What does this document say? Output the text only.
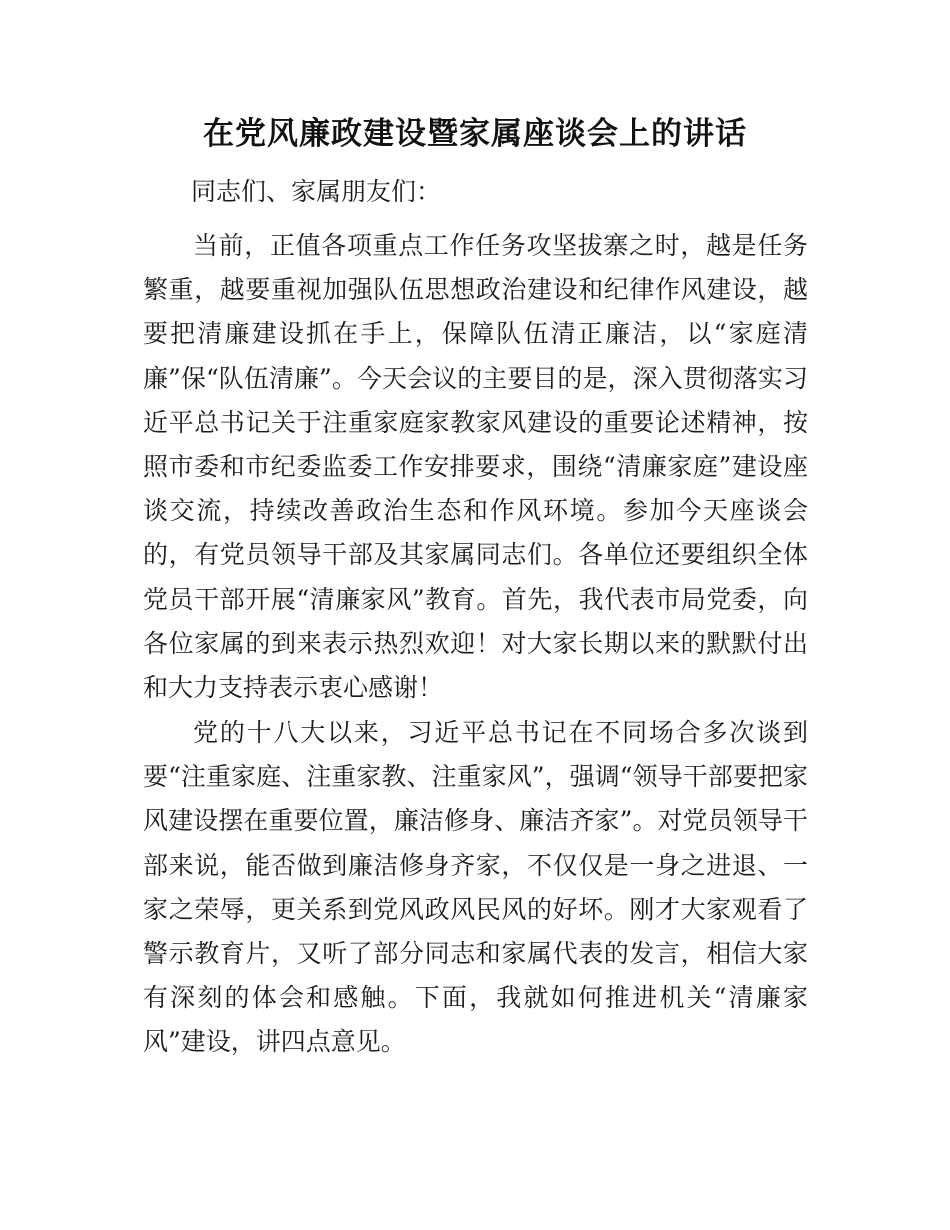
在党风廉政建设暨家属座谈会上的讲话

同志们、家属朋友们：

当前，正值各项重点工作任务攻坚拔寨之时，越是任务繁重，越要重视加强队伍思想政治建设和纪律作风建设，越要把清廉建设抓在手上，保障队伍清正廉洁，以“家庭清廉”保“队伍清廉”。今天会议的主要目的是，深入贯彻落实习近平总书记关于注重家庭家教家风建设的重要论述精神，按照市委和市纪委监委工作安排要求，围绕“清廉家庭”建设座谈交流，持续改善政治生态和作风环境。参加今天座谈会的，有党员领导干部及其家属同志们。各单位还要组织全体党员干部开展“清廉家风”教育。首先，我代表市局党委，向各位家属的到来表示热烈欢迎！对大家长期以来的默默付出和大力支持表示衷心感谢！

党的十八大以来，习近平总书记在不同场合多次谈到要“注重家庭、注重家教、注重家风”，强调“领导干部要把家风建设摆在重要位置，廉洁修身、廉洁齐家”。对党员领导干部来说，能否做到廉洁修身齐家，不仅仅是一身之进退、一家之荣辱，更关系到党风政风民风的好坏。刚才大家观看了警示教育片，又听了部分同志和家属代表的发言，相信大家有深刻的体会和感触。下面，我就如何推进机关“清廉家风”建设，讲四点意见。
